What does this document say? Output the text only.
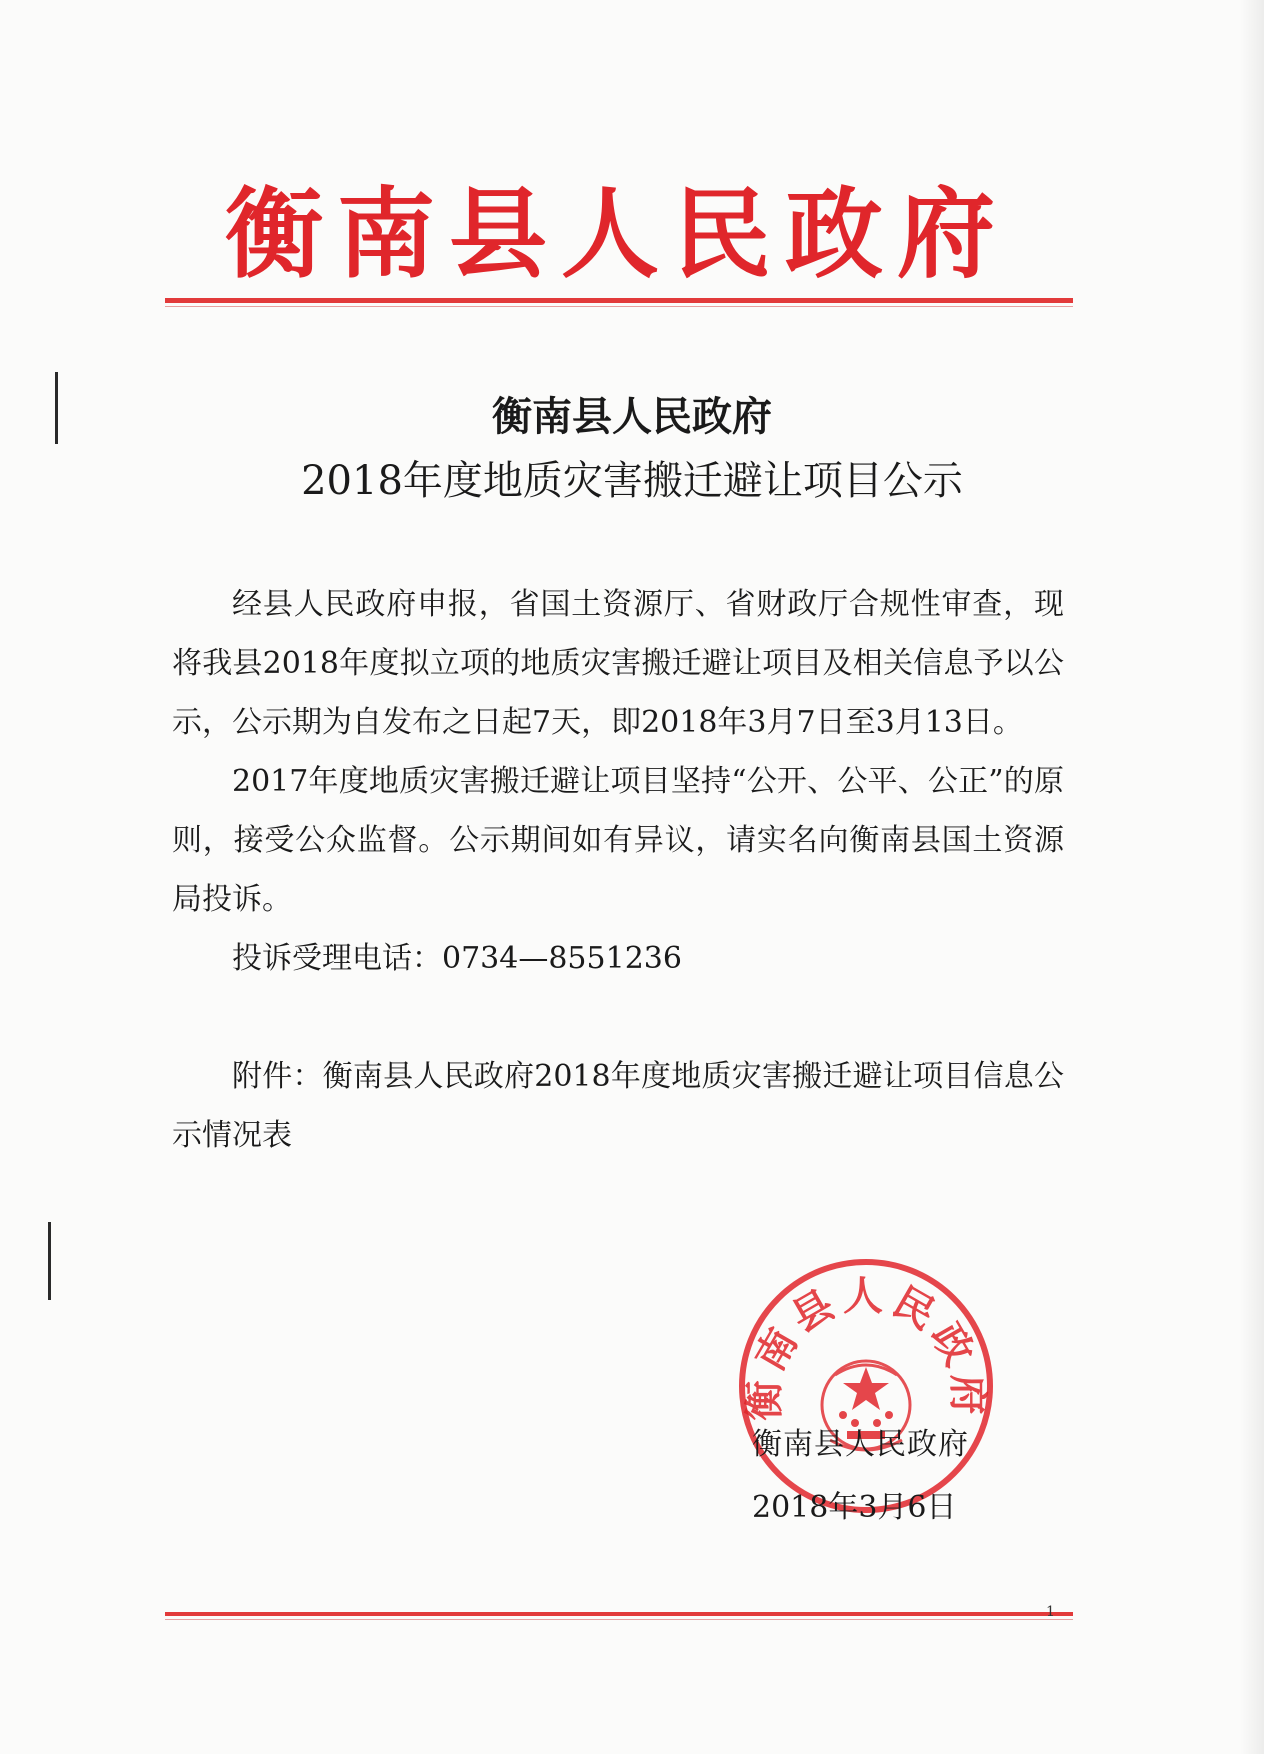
衡南县人民政府
衡南县人民政府
2018年度地质灾害搬迁避让项目公示

经县人民政府申报，省国土资源厅、省财政厅合规性审查，现将我县2018年度拟立项的地质灾害搬迁避让项目及相关信息予以公示，公示期为自发布之日起7天，即2018年3月7日至3月13日。

2017年度地质灾害搬迁避让项目坚持“公开、公平、公正”的原则，接受公众监督。公示期间如有异议，请实名向衡南县国土资源局投诉。

投诉受理电话：0734—8551236

附件：衡南县人民政府2018年度地质灾害搬迁避让项目信息公示情况表

衡南县人民政府
衡南县人民政府
2018年3月6日
1
